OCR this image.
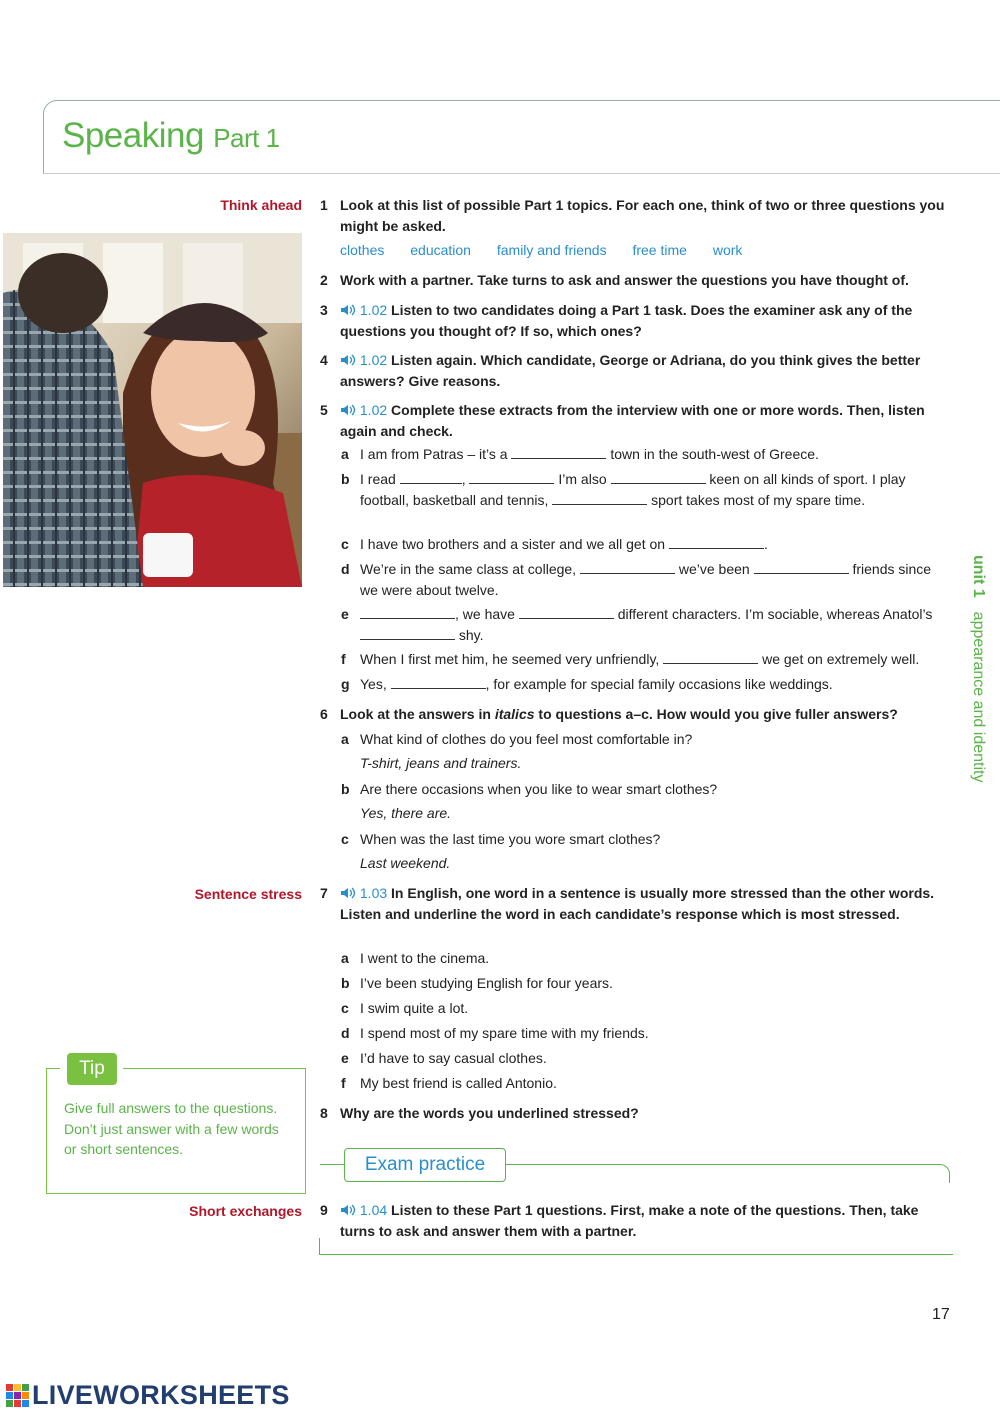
Speaking Part 1
Think ahead
Sentence stress
Short exchanges
1 Look at this list of possible Part 1 topics. For each one, think of two or three questions you might be asked.
clothes education family and friends free time work
2 Work with a partner. Take turns to ask and answer the questions you have thought of.
3	1.02 Listen to two candidates doing a Part 1 task. Does the examiner ask any of the questions you thought of? If so, which ones?
4	1.02 Listen again. Which candidate, George or Adriana, do you think gives the better answers? Give reasons.
5	1.02 Complete these extracts from the interview with one or more words. Then, listen again and check.
a I am from Patras – it’s a	town in the south-west of Greece.
b I read	,	I’m also	keen on all kinds of sport. I play football, basketball and tennis,	sport takes most of my spare time.
c I have two brothers and a sister and we all get on	.
d We’re in the same class at college,	we’ve been	friends since we were about twelve.
e	, we have	different characters. I’m sociable, whereas Anatol’s  shy.
f When I first met him, he seemed very unfriendly,	we get on extremely well.
g Yes,	, for example for special family occasions like weddings.
6 Look at the answers in italics to questions a–c. How would you give fuller answers?
a What kind of clothes do you feel most comfortable in?
T-shirt, jeans and trainers.
b Are there occasions when you like to wear smart clothes?
Yes, there are.
c When was the last time you wore smart clothes?
Last weekend.
7	1.03 In English, one word in a sentence is usually more stressed than the other words. Listen and underline the word in each candidate’s response which is most stressed.
a I went to the cinema.
b I’ve been studying English for four years.
c I swim quite a lot.
d I spend most of my spare time with my friends.
e I’d have to say casual clothes.
f My best friend is called Antonio.
8 Why are the words you underlined stressed?
Tip
Give full answers to the questions. Don’t just answer with a few words or short sentences.
Exam practice
9	1.04 Listen to these Part 1 questions. First, make a note of the questions. Then, take turns to ask and answer them with a partner.
unit 1appearance and identity
17
LIVEWORKSHEETS
